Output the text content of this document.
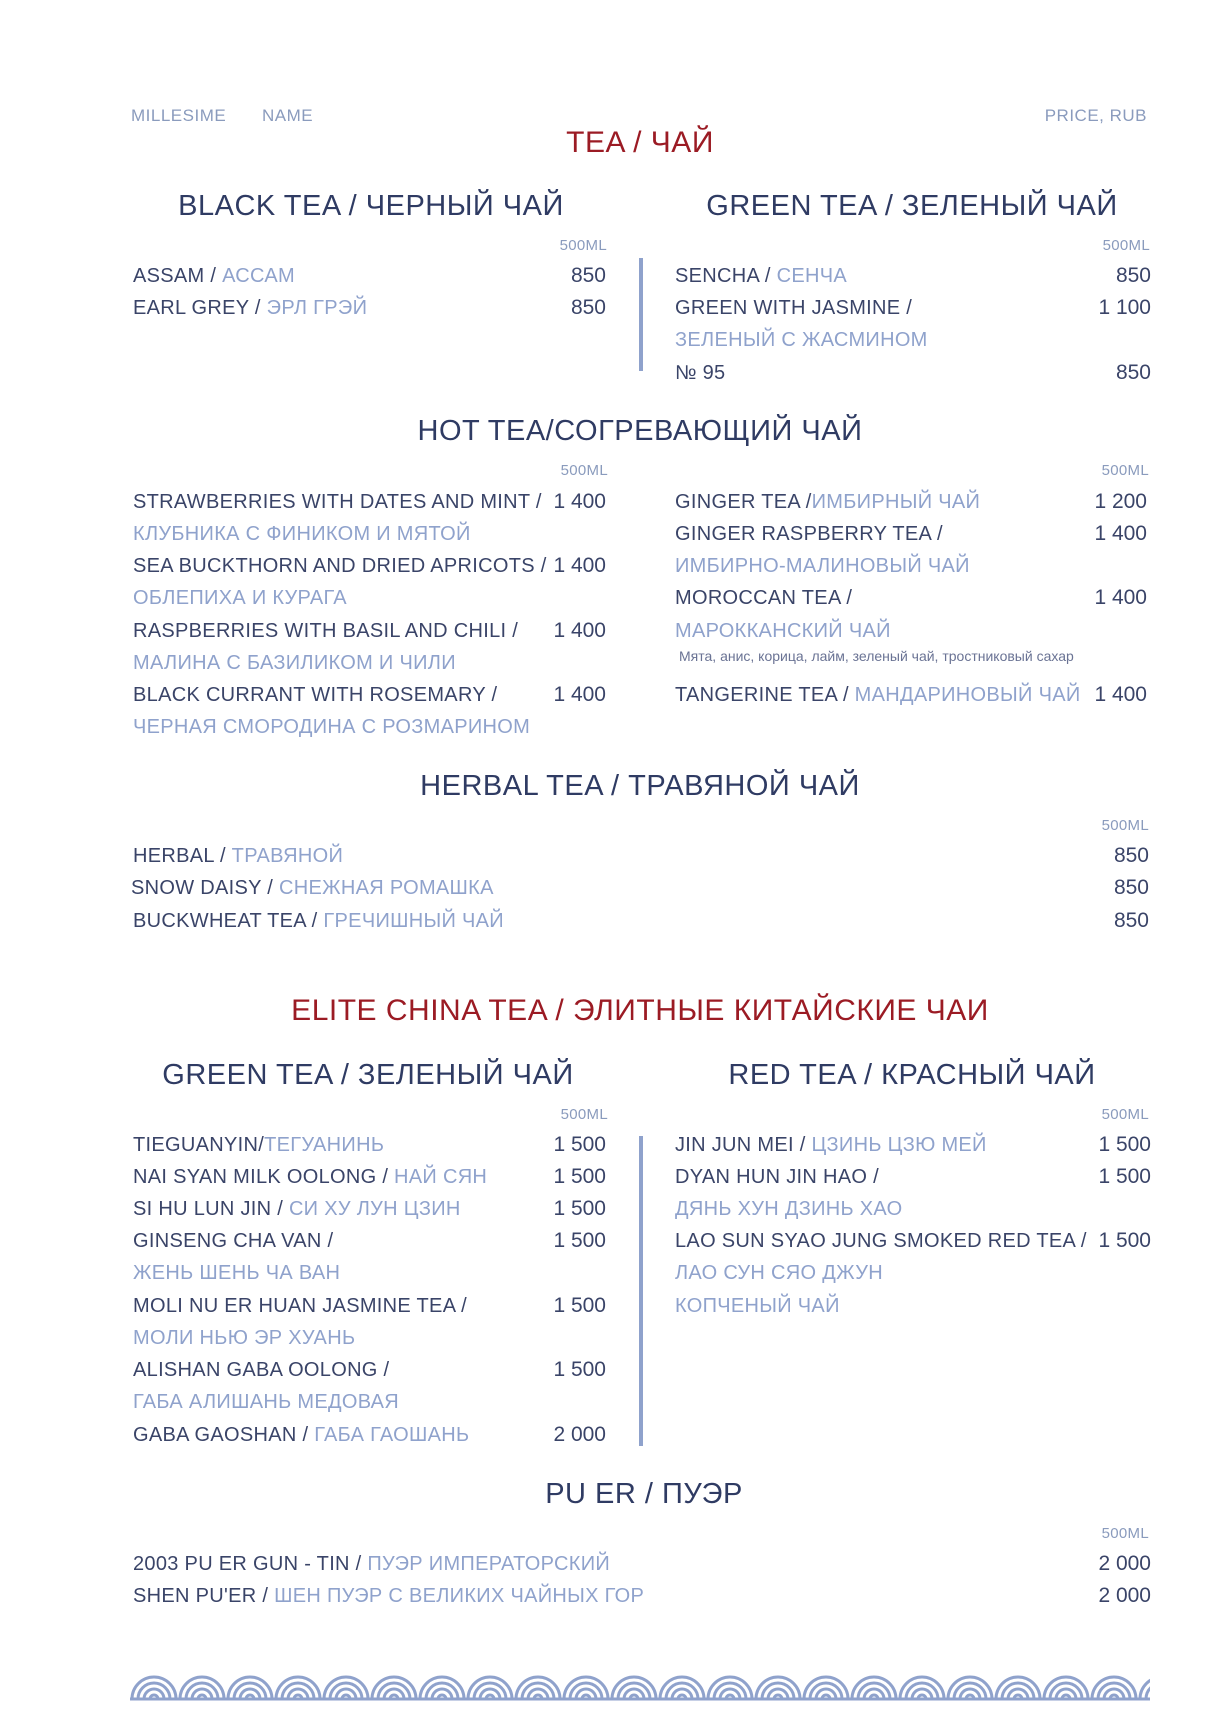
MILLESIME NAME	PRICE, RUB
TEA / ЧАЙ
BLACK TEA / ЧЕРНЫЙ ЧАЙ
500ML
ASSAM / АССАМ	850
EARL GREY / ЭРЛ ГРЭЙ	850
GREEN TEA / ЗЕЛЕНЫЙ ЧАЙ
500ML
SENCHA / СЕНЧА	850
GREEN WITH JASMINE /	1 100
ЗЕЛЕНЫЙ С ЖАСМИНОМ
№ 95	850
HOT TEA/СОГРЕВАЮЩИЙ ЧАЙ
500ML	500ML
STRAWBERRIES WITH DATES AND MINT / 1 400
КЛУБНИКА С ФИНИКОМ И МЯТОЙ
SEA BUCKTHORN AND DRIED APRICOTS / 1 400
ОБЛЕПИХА И КУРАГА
RASPBERRIES WITH BASIL AND CHILI / 1 400
МАЛИНА С БАЗИЛИКОМ И ЧИЛИ
BLACK CURRANT WITH ROSEMARY /	1 400
ЧЕРНАЯ СМОРОДИНА С РОЗМАРИНОМ
GINGER TEA /ИМБИРНЫЙ ЧАЙ	1 200
GINGER RASPBERRY TEA /	1 400
ИМБИРНО-МАЛИНОВЫЙ ЧАЙ
MOROCCAN TEA /	1 400
МАРОККАНСКИЙ ЧАЙ
Мята, анис, корица, лайм, зеленый чай, тростниковый сахар
TANGERINE TEA / МАНДАРИНОВЫЙ ЧАЙ 1 400
HERBAL TEA / ТРАВЯНОЙ ЧАЙ
500ML
HERBAL / ТРАВЯНОЙ	850
SNOW DAISY / СНЕЖНАЯ РОМАШКА	850
BUCKWHEAT TEA / ГРЕЧИШНЫЙ ЧАЙ	850
ELITE CHINA TEA / ЭЛИТНЫЕ КИТАЙСКИЕ ЧАИ
GREEN TEA / ЗЕЛЕНЫЙ ЧАЙ
500ML
TIEGUANYIN/ТЕГУАНИНЬ	1 500
NAI SYAN MILK OOLONG / НАЙ СЯН	1 500
SI HU LUN JIN / СИ ХУ ЛУН ЦЗИН	1 500
GINSENG CHA VAN /	1 500
ЖЕНЬ ШЕНЬ ЧА ВАН
MOLI NU ER HUAN JASMINE TEA /	1 500
МОЛИ НЬЮ ЭР ХУАНЬ
ALISHAN GABA OOLONG /	1 500
ГАБА АЛИШАНЬ МЕДОВАЯ
GABA GAOSHAN / ГАБА ГАОШАНЬ	2 000
RED TEA / КРАСНЫЙ ЧАЙ
500ML
JIN JUN MEI / ЦЗИНЬ ЦЗЮ МЕЙ	1 500
DYAN HUN JIN HAO /	1 500
ДЯНЬ ХУН ДЗИНЬ ХАО
LAO SUN SYAO JUNG SMOKED RED TEA / 1 500
ЛАО СУН СЯО ДЖУН
КОПЧЕНЫЙ ЧАЙ
PU ER / ПУЭР
500ML
2003 PU ER GUN - TIN / ПУЭР ИМПЕРАТОРСКИЙ	2 000
SHEN PU'ER / ШЕН ПУЭР С ВЕЛИКИХ ЧАЙНЫХ ГОР	2 000
